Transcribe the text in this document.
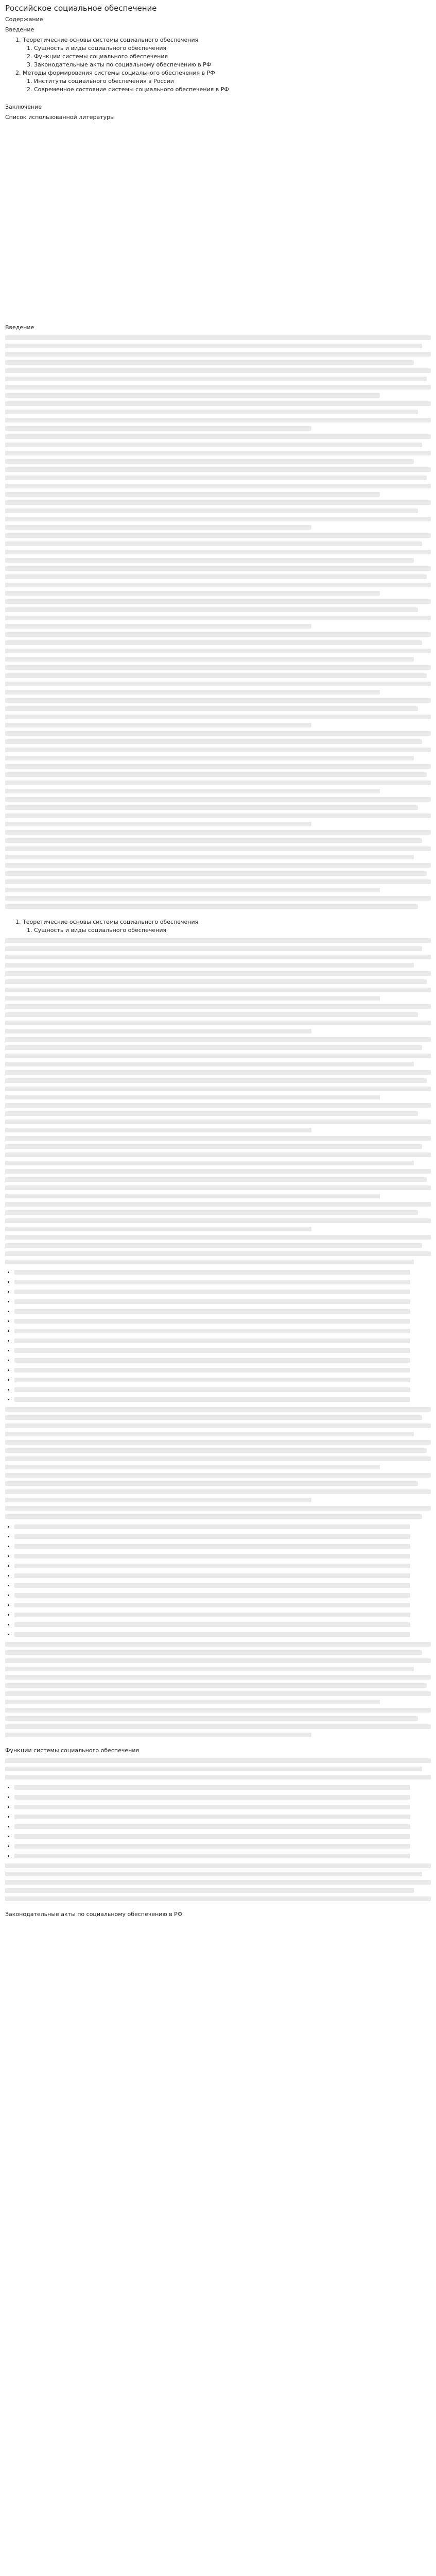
Российское социальное обеспечение
Содержание
Введение
1. Теоретические основы системы социального обеспечения
1. Сущность и виды социального обеспечения
2. Функции системы социального обеспечения
3. Законодательные акты по социальному обеспечению в РФ
2. Методы формирования системы социального обеспечения в РФ
1. Институты социального обеспечения в России
2. Современное состояние системы социального обеспечения в РФ
Заключение
Список использованной литературы
Введение
1. Теоретические основы системы социального обеспечения
1. Сущность и виды социального обеспечения
•
•
•
•
•
•
•
•
•
•
•
•
•
•
•
•
•
•
•
•
•
•
•
•
•
•
Функции системы социального обеспечения
•
•
•
•
•
•
•
•
Законодательные акты по социальному обеспечению в РФ
